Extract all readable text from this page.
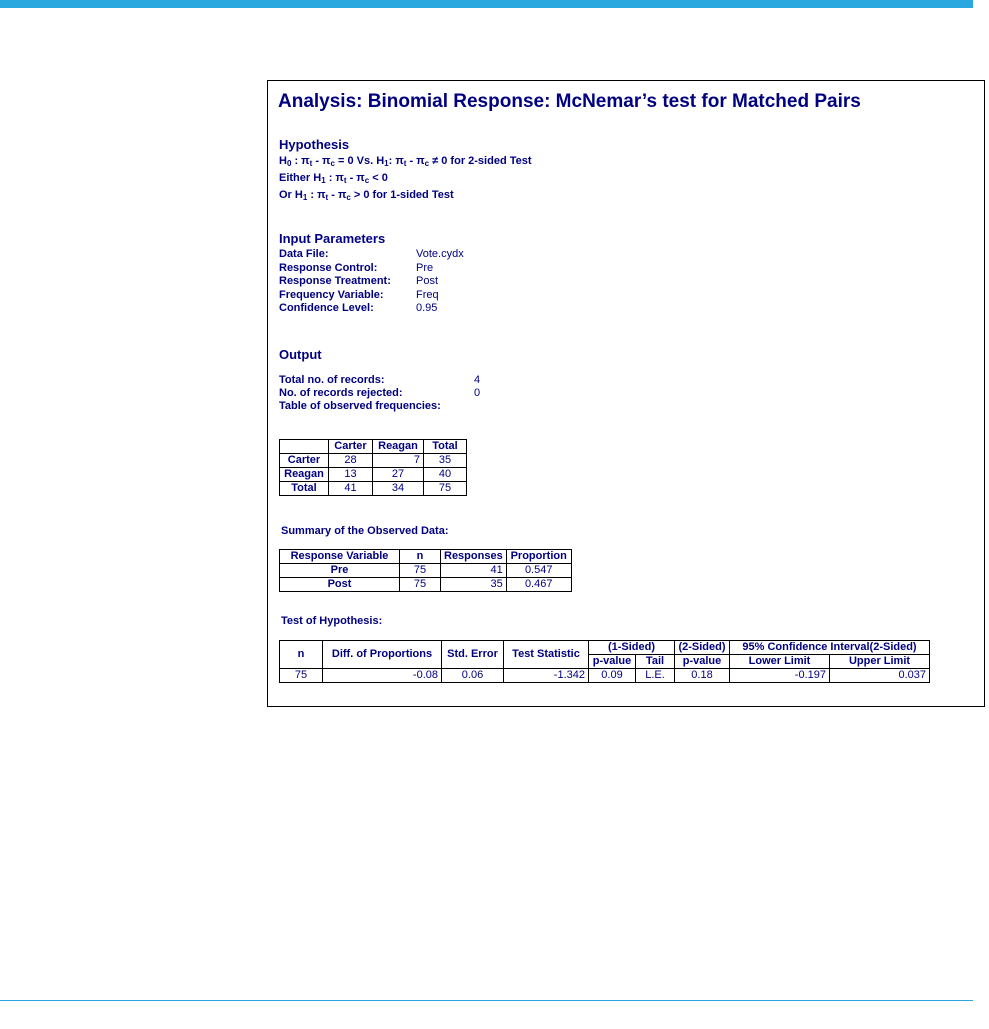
Analysis: Binomial Response: McNemar’s test for Matched Pairs
Hypothesis
$H_0$ : $\pi_t - \pi_c = 0$ Vs. $H_1$: $\pi_t - \pi_c \ne 0$ for 2-sided Test
Either $H_1$ : $\pi_t - \pi_c < 0$
Or $H_1$ : $\pi_t - \pi_c > 0$ for 1-sided Test
Input Parameters
Data File:	Vote.cydx
Response Control:	Pre
Response Treatment:	Post
Frequency Variable:	Freq
Confidence Level:	0.95
Output
Total no. of records:	4
No. of records rejected:	0
Table of observed frequencies:
	Carter	Reagan	Total
Carter	28	7	35
Reagan	13	27	40
Total	41	34	75
Summary of the Observed Data:
Response Variable	n	Responses	Proportion
Pre	75	41	0.547
Post	75	35	0.467
Test of Hypothesis:
n	Diff. of Proportions	Std. Error	Test Statistic	(1-Sided)		(2-Sided)	95% Confidence Interval(2-Sided)	
				p-value	Tail	p-value	Lower Limit	Upper Limit
75	-0.08	0.06	-1.342	0.09	L.E.	0.18	-0.197	0.037
